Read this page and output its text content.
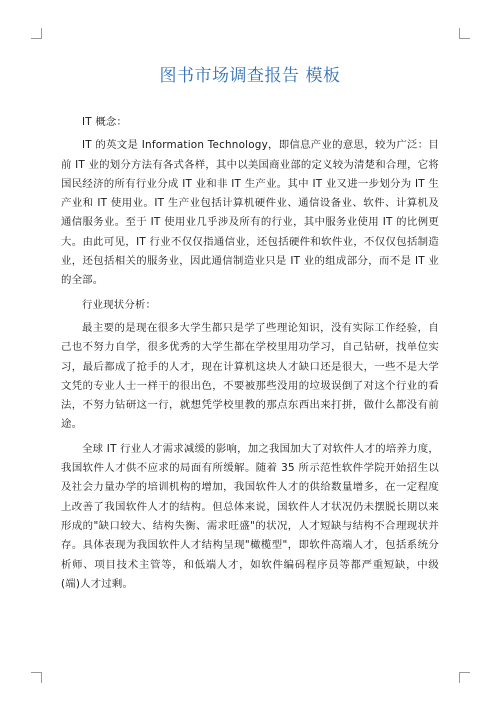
图书市场调查报告 模板

IT 概念：

IT 的英文是 Information Technology，即信息产业的意思，较为广泛：目前 IT 业的划分方法有各式各样，其中以美国商业部的定义较为清楚和合理，它将国民经济的所有行业分成 IT 业和非 IT 生产业。其中 IT 业又进一步划分为 IT 生产业和 IT 使用业。IT 生产业包括计算机硬件业、通信设备业、软件、计算机及通信服务业。至于 IT 使用业几乎涉及所有的行业，其中服务业使用 IT 的比例更大。由此可见，IT 行业不仅仅指通信业，还包括硬件和软件业，不仅仅包括制造业，还包括相关的服务业，因此通信制造业只是 IT 业的组成部分，而不是 IT 业的全部。

行业现状分析：

最主要的是现在很多大学生都只是学了些理论知识，没有实际工作经验，自己也不努力自学，很多优秀的大学生都在学校里用功学习，自己钻研，找单位实习，最后都成了抢手的人才，现在计算机这块人才缺口还是很大，一些不是大学文凭的专业人士一样干的很出色，不要被那些没用的垃圾误倒了对这个行业的看法，不努力钻研这一行，就想凭学校里教的那点东西出来打拼，做什么都没有前途。

全球 IT 行业人才需求减缓的影响，加之我国加大了对软件人才的培养力度，我国软件人才供不应求的局面有所缓解。随着 35 所示范性软件学院开始招生以及社会力量办学的培训机构的增加，我国软件人才的供给数量增多，在一定程度上改善了我国软件人才的结构。但总体来说，国软件人才状况仍未摆脱长期以来形成的"缺口较大、结构失衡、需求旺盛"的状况，人才短缺与结构不合理现状并存。具体表现为我国软件人才结构呈现"橄榄型"，即软件高端人才，包括系统分析师、项目技术主管等，和低端人才，如软件编码程序员等都严重短缺，中级(端)人才过剩。
